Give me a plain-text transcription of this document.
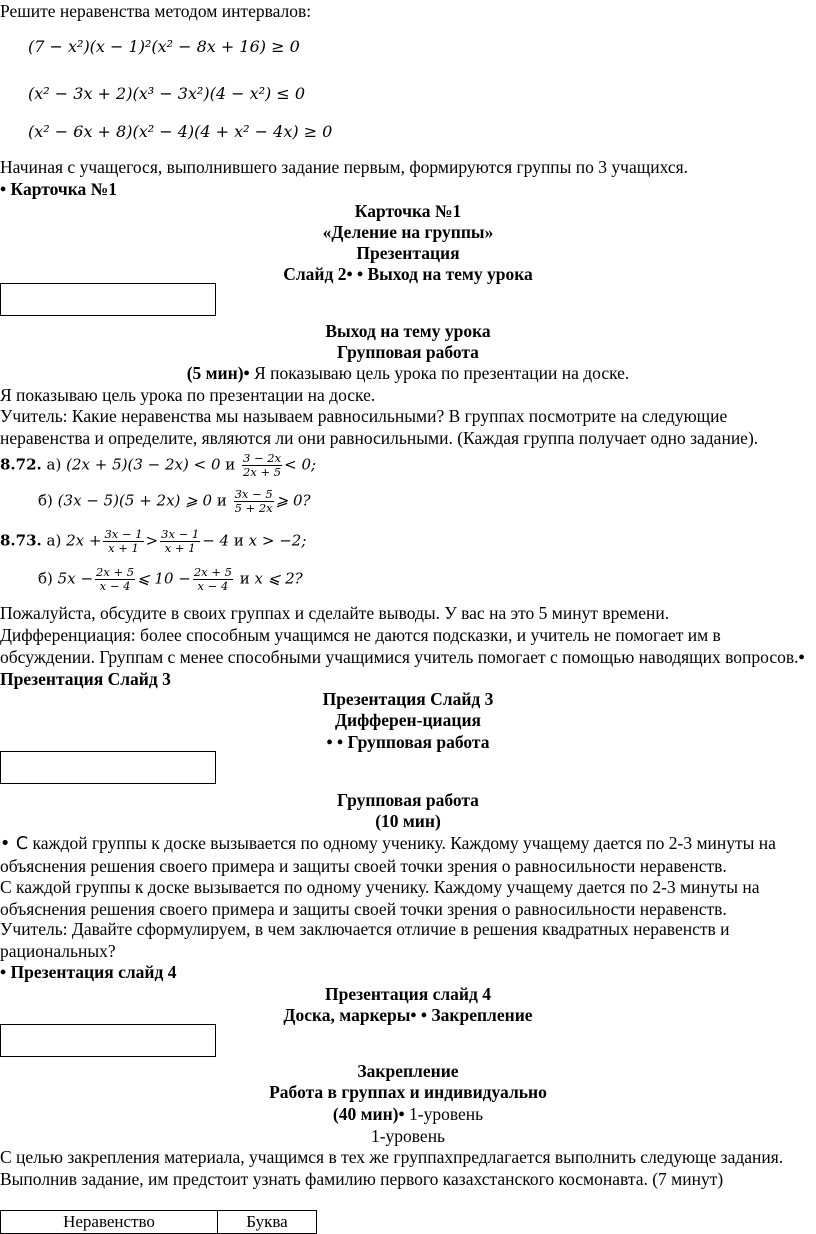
Решите неравенства методом интервалов:
(7 − x²)(x − 1)²(x² − 8x + 16) ≥ 0
(x² − 3x + 2)(x³ − 3x²)(4 − x²) ≤ 0
(x² − 6x + 8)(x² − 4)(4 + x² − 4x) ≥ 0
Начиная с учащегося, выполнившего задание первым, формируются группы по 3 учащихся.
• Карточка №1
Карточка №1
«Деление на группы»
Презентация
Слайд 2• • Выход на тему урока
Выход на тему урока
Групповая работа
(5 мин)• Я показываю цель урока по презентации на доске.
Я показываю цель урока по презентации на доске.
Учитель: Какие неравенства мы называем равносильными? В группах посмотрите на следующие неравенства и определите, являются ли они равносильными. (Каждая группа получает одно задание).
8.72. а) (2x + 5)(3 − 2x) < 0 и $\frac{3 - 2x}{2x + 5} < 0$;
б) (3x − 5)(5 + 2x) ⩾ 0 и $\frac{3x - 5}{5 + 2x}$ ⩾ 0?
8.73. а) $2x + \frac{3x - 1}{x + 1} > \frac{3x - 1}{x + 1} - 4$ и x > −2;
б) $5x - \frac{2x + 5}{x - 4}$ ⩽ $10 - \frac{2x + 5}{x - 4}$ и x ⩽ 2?
Пожалуйста, обсудите в своих группах и сделайте выводы. У вас на это 5 минут времени.
Дифференциация: более способным учащимся не даются подсказки, и учитель не помогает им в обсуждении. Группам с менее способными учащимися учитель помогает с помощью наводящих вопросов.• Презентация Слайд 3
Презентация Слайд 3
Дифферен-циация
• • Групповая работа
Групповая работа
(10 мин)
• С каждой группы к доске вызывается по одному ученику. Каждому учащему дается по 2-3 минуты на объяснения решения своего примера и защиты своей точки зрения о равносильности неравенств.
С каждой группы к доске вызывается по одному ученику. Каждому учащему дается по 2-3 минуты на объяснения решения своего примера и защиты своей точки зрения о равносильности неравенств.
Учитель: Давайте сформулируем, в чем заключается отличие в решения квадратных неравенств и рациональных?
• Презентация слайд 4
Презентация слайд 4
Доска, маркеры• • Закрепление
Закрепление
Работа в группах и индивидуально
(40 мин)• 1-уровень
1-уровень
С целью закрепления материала, учащимся в тех же группахпредлагается выполнить следующе задания. Выполнив задание, им предстоит узнать фамилию первого казахстанского космонавта. (7 минут)
Неравенство	Буква
